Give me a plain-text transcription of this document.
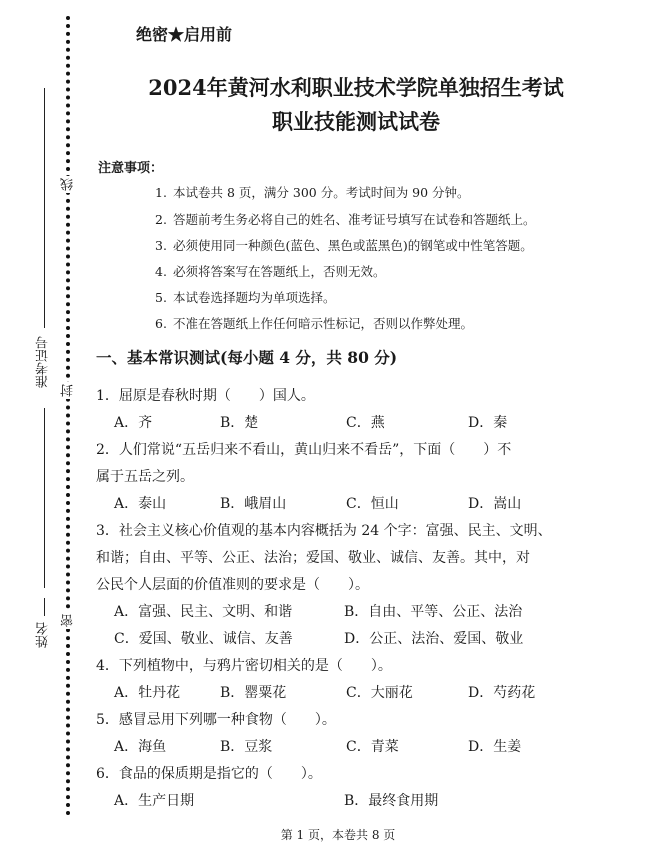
准考证号
姓名
线
封
密
绝密★启用前
2024年黄河水利职业技术学院单独招生考试
职业技能测试试卷
注意事项：
1. 本试卷共 8 页，满分 300 分。考试时间为 90 分钟。
2. 答题前考生务必将自己的姓名、准考证号填写在试卷和答题纸上。
3. 必须使用同一种颜色(蓝色、黑色或蓝黑色)的钢笔或中性笔答题。
4. 必须将答案写在答题纸上，否则无效。
5. 本试卷选择题均为单项选择。
6. 不准在答题纸上作任何暗示性标记，否则以作弊处理。
一、基本常识测试(每小题 4 分，共 80 分)
1．屈原是春秋时期（　　）国人。
A．齐	B．楚	C．燕	D．秦
2．人们常说“五岳归来不看山，黄山归来不看岳”，下面（　　）不
属于五岳之列。
A．泰山	B．峨眉山	C．恒山	D．嵩山
3．社会主义核心价值观的基本内容概括为 24 个字：富强、民主、文明、
和谐；自由、平等、公正、法治；爱国、敬业、诚信、友善。其中，对
公民个人层面的价值准则的要求是（　　）。
A．富强、民主、文明、和谐	B．自由、平等、公正、法治
C．爱国、敬业、诚信、友善	D．公正、法治、爱国、敬业
4．下列植物中，与鸦片密切相关的是（　　）。
A．牡丹花	B．罂粟花	C．大丽花	D．芍药花
5．感冒忌用下列哪一种食物（　　）。
A．海鱼	B．豆浆	C．青菜	D．生姜
6．食品的保质期是指它的（　　）。
A．生产日期	B．最终食用期
第 1 页，本卷共 8 页
